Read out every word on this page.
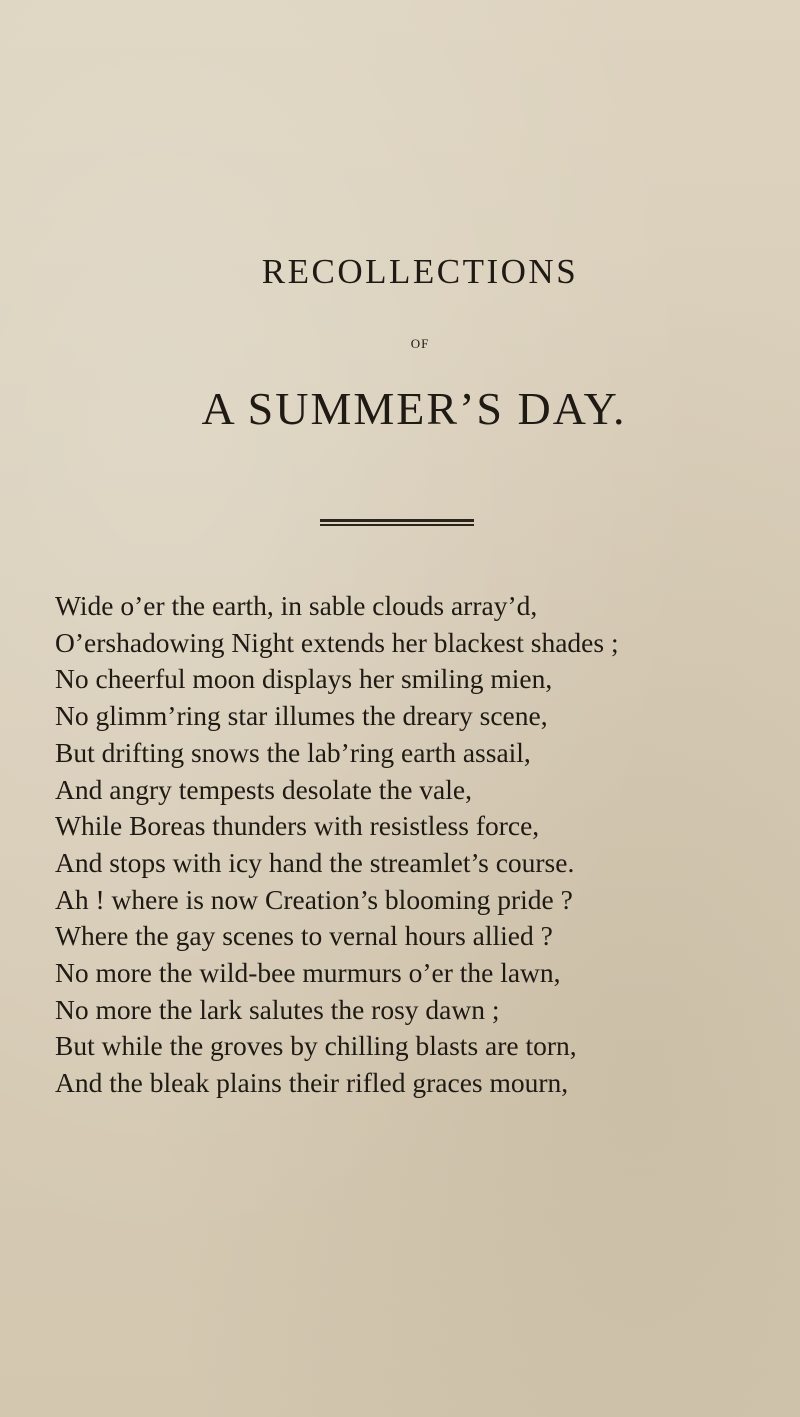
RECOLLECTIONS
OF
A SUMMER’S DAY.
Wide o’er the earth, in sable clouds array’d,
O’ershadowing Night extends her blackest shades ;
No cheerful moon displays her smiling mien,
No glimm’ring star illumes the dreary scene,
But drifting snows the lab’ring earth assail,
And angry tempests desolate the vale,
While Boreas thunders with resistless force,
And stops with icy hand the streamlet’s course.
Ah ! where is now Creation’s blooming pride ?
Where the gay scenes to vernal hours allied ?
No more the wild-bee murmurs o’er the lawn,
No more the lark salutes the rosy dawn ;
But while the groves by chilling blasts are torn,
And the bleak plains their rifled graces mourn,
